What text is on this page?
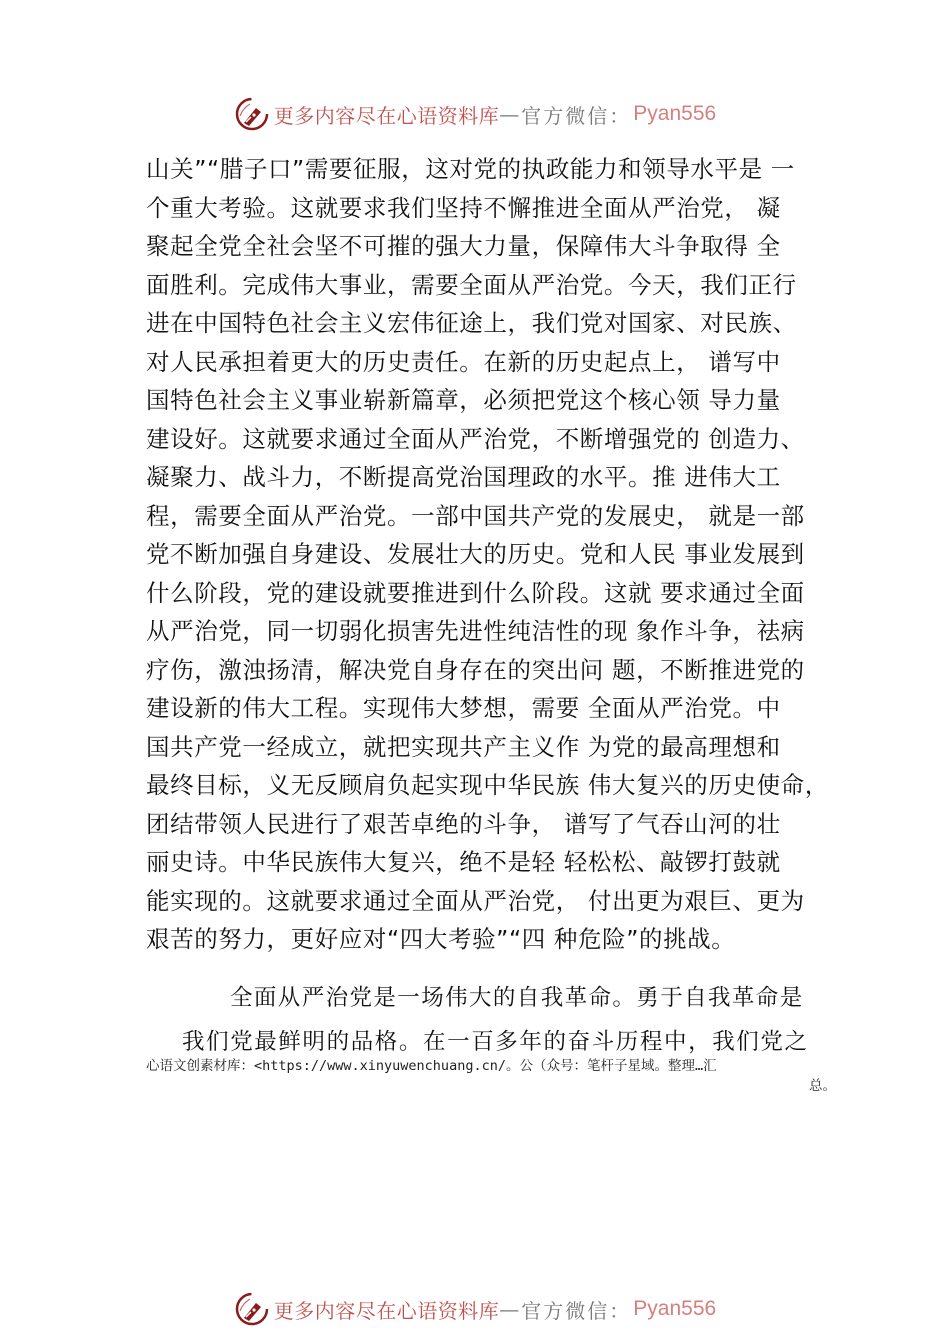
更多内容尽在心语资料库 — 官方微信： Pyan556
山关”“腊子口”需要征服，这对党的执政能力和领导水平是 一
个重大考验。这就要求我们坚持不懈推进全面从严治党， 凝
聚起全党全社会坚不可摧的强大力量，保障伟大斗争取得 全
面胜利。完成伟大事业，需要全面从严治党。今天，我们正行
进在中国特色社会主义宏伟征途上，我们党对国家、对民族、
对人民承担着更大的历史责任。在新的历史起点上， 谱写中
国特色社会主义事业崭新篇章，必须把党这个核心领 导力量
建设好。这就要求通过全面从严治党，不断增强党的 创造力、
凝聚力、战斗力，不断提高党治国理政的水平。推 进伟大工
程，需要全面从严治党。一部中国共产党的发展史， 就是一部
党不断加强自身建设、发展壮大的历史。党和人民 事业发展到
什么阶段，党的建设就要推进到什么阶段。这就 要求通过全面
从严治党，同一切弱化损害先进性纯洁性的现 象作斗争，祛病
疗伤，激浊扬清，解决党自身存在的突出问 题，不断推进党的
建设新的伟大工程。实现伟大梦想，需要 全面从严治党。中
国共产党一经成立，就把实现共产主义作 为党的最高理想和
最终目标，义无反顾肩负起实现中华民族 伟大复兴的历史使命，
团结带领人民进行了艰苦卓绝的斗争， 谱写了气吞山河的壮
丽史诗。中华民族伟大复兴，绝不是轻 轻松松、敲锣打鼓就
能实现的。这就要求通过全面从严治党， 付出更为艰巨、更为
艰苦的努力，更好应对“四大考验”“四 种危险”的挑战。
全面从严治党是一场伟大的自我革命。勇于自我革命是
我们党最鲜明的品格。在一百多年的奋斗历程中，我们党之
心语文创素材库：<https://www.xinyuwenchuang.cn/。公（众号：笔杆子星域。整理…汇
总。
更多内容尽在心语资料库 — 官方微信： Pyan556
